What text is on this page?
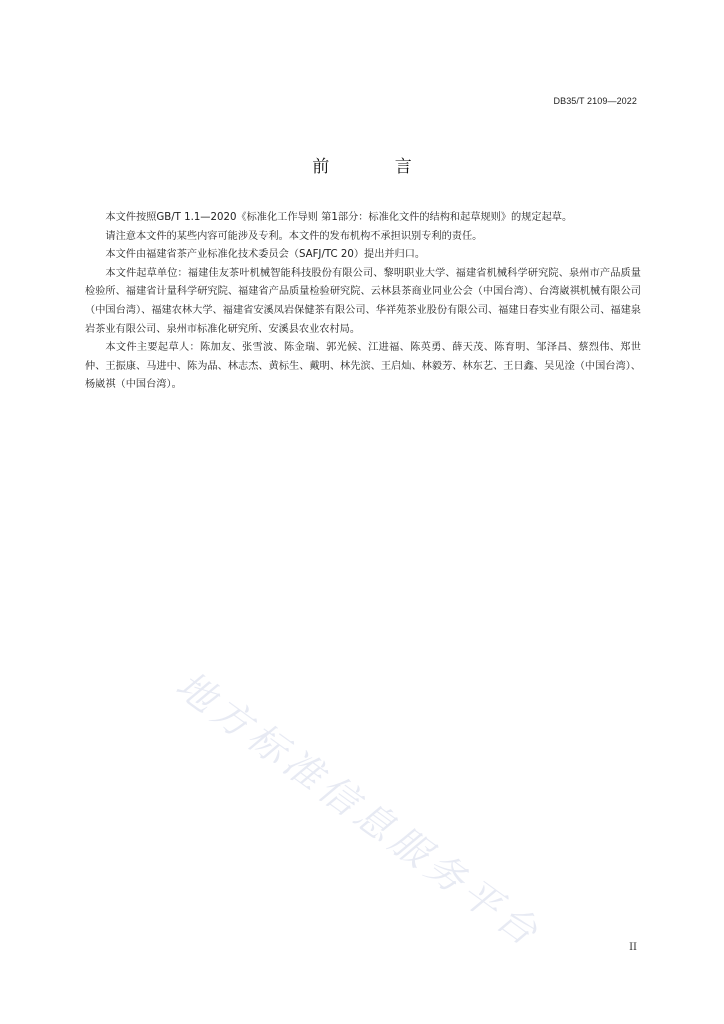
DB35/T 2109—2022
前 言

本文件按照GB/T 1.1—2020《标准化工作导则 第1部分：标准化文件的结构和起草规则》的规定起草。

请注意本文件的某些内容可能涉及专利。本文件的发布机构不承担识别专利的责任。

本文件由福建省茶产业标准化技术委员会（SAFJ/TC 20）提出并归口。

本文件起草单位：福建佳友茶叶机械智能科技股份有限公司、黎明职业大学、福建省机械科学研究院、泉州市产品质量检验所、福建省计量科学研究院、福建省产品质量检验研究院、云林县茶商业同业公会（中国台湾）、台湾崴祺机械有限公司（中国台湾）、福建农林大学、福建省安溪凤岩保健茶有限公司、华祥苑茶业股份有限公司、福建日春实业有限公司、福建泉岩茶业有限公司、泉州市标准化研究所、安溪县农业农村局。

本文件主要起草人：陈加友、张雪波、陈金瑞、郭光候、江进福、陈英勇、薛天茂、陈育明、邹泽昌、蔡烈伟、郑世仲、王振康、马进中、陈为晶、林志杰、黄标生、戴明、林先滨、王启灿、林毅芳、林东艺、王日鑫、吴见淦（中国台湾）、杨崴祺（中国台湾）。

地方标准信息服务平台	II
